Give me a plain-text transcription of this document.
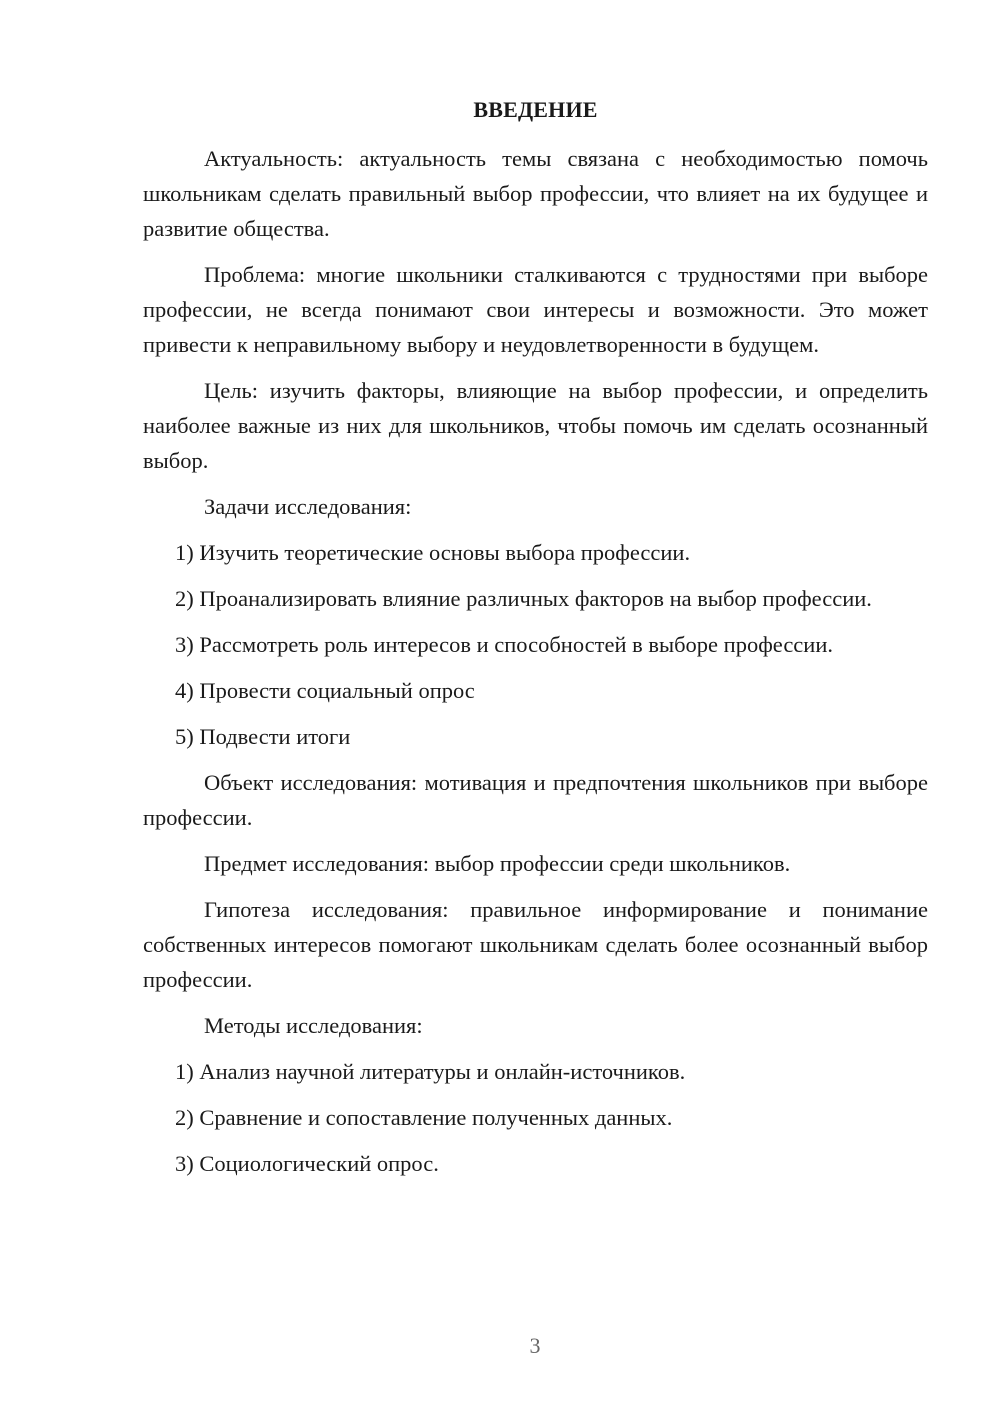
ВВЕДЕНИЕ

Актуальность: актуальность темы связана с необходимостью помочь школьникам сделать правильный выбор профессии, что влияет на их будущее и развитие общества.

Проблема: многие школьники сталкиваются с трудностями при выборе профессии, не всегда понимают свои интересы и возможности. Это может привести к неправильному выбору и неудовлетворенности в будущем.

Цель: изучить факторы, влияющие на выбор профессии, и определить наиболее важные из них для школьников, чтобы помочь им сделать осознанный выбор.

Задачи исследования:

1) Изучить теоретические основы выбора профессии.

2) Проанализировать влияние различных факторов на выбор профессии.

3) Рассмотреть роль интересов и способностей в выборе профессии.

4) Провести социальный опрос

5) Подвести итоги

Объект исследования: мотивация и предпочтения школьников при выборе профессии.

Предмет исследования: выбор профессии среди школьников.

Гипотеза исследования: правильное информирование и понимание собственных интересов помогают школьникам сделать более осознанный выбор профессии.

Методы исследования:

1) Анализ научной литературы и онлайн-источников.

2) Сравнение и сопоставление полученных данных.

3) Социологический опрос.

3
